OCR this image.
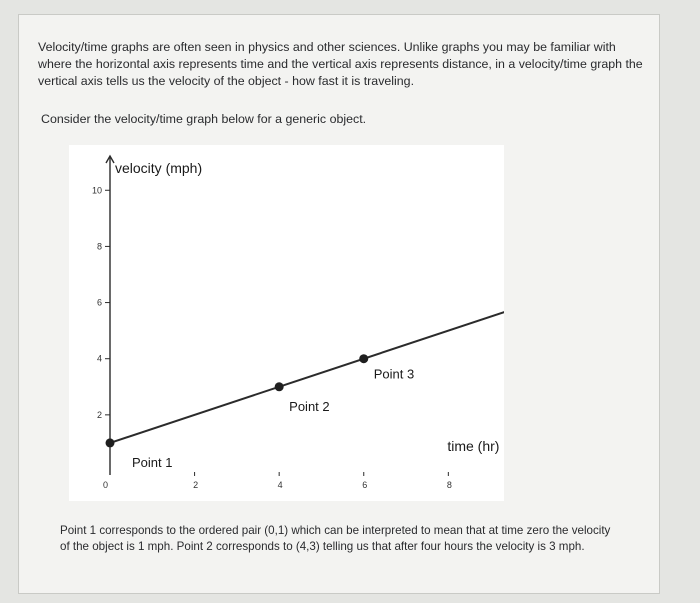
Velocity/time graphs are often seen in physics and other sciences. Unlike graphs you may be familiar with where the horizontal axis represents time and the vertical axis represents distance, in a velocity/time graph the vertical axis tells us the velocity of the object - how fast it is traveling.

Consider the velocity/time graph below for a generic object.

velocity (mph)
time (hr)
0
2
4
6
8
10
2	4	6	8
Point 1
Point 2
Point 3

Point 1 corresponds to the ordered pair (0,1) which can be interpreted to mean that at time zero the velocity of the object is 1 mph. Point 2 corresponds to (4,3) telling us that after four hours the velocity is 3 mph.
